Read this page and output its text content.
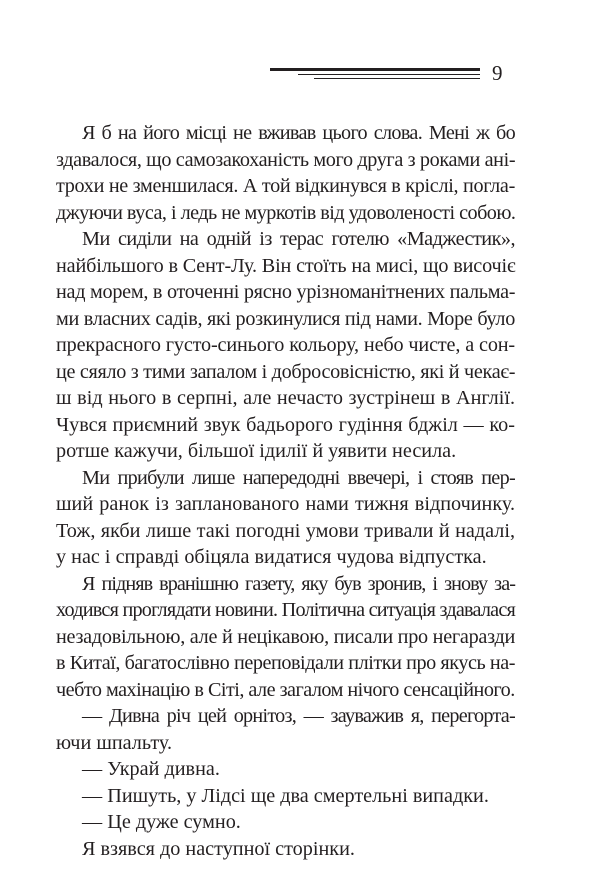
9

Я б на його місці не вживав цього слова. Мені ж бо
здавалося, що самозакоханість мого друга з роками ані-
трохи не зменшилася. А той відкинувся в кріслі, погла-
джуючи вуса, і ледь не муркотів від удоволеності собою.

Ми сиділи на одній із терас готелю «Маджестик»,
найбільшого в Сент-Лу. Він стоїть на мисі, що височіє
над морем, в оточенні рясно урізноманітнених пальма-
ми власних садів, які розкинулися під нами. Море було
прекрасного густо-синього кольору, небо чисте, а сон-
це сяяло з тими запалом і добросовісністю, які й чекає-
ш від нього в серпні, але нечасто зустрінеш в Англії.
Чувся приємний звук бадьорого гудіння бджіл — ко-
ротше кажучи, більшої ідилії й уявити несила.

Ми прибули лише напередодні ввечері, і стояв пер-
ший ранок із запланованого нами тижня відпочинку.
Тож, якби лише такі погодні умови тривали й надалі,
у нас і справді обіцяла видатися чудова відпустка.

Я підняв вранішню газету, яку був зронив, і знову за-
ходився проглядати новини. Політична ситуація здавалася
незадовільною, але й нецікавою, писали про негаразди
в Китаї, багатослівно переповідали плітки про якусь на-
чебто махінацію в Сіті, але загалом нічого сенсаційного.

— Дивна річ цей орнітоз, — зауважив я, перегорта-
ючи шпальту.

— Украй дивна.

— Пишуть, у Лідсі ще два смертельні випадки.

— Це дуже сумно.

Я взявся до наступної сторінки.
